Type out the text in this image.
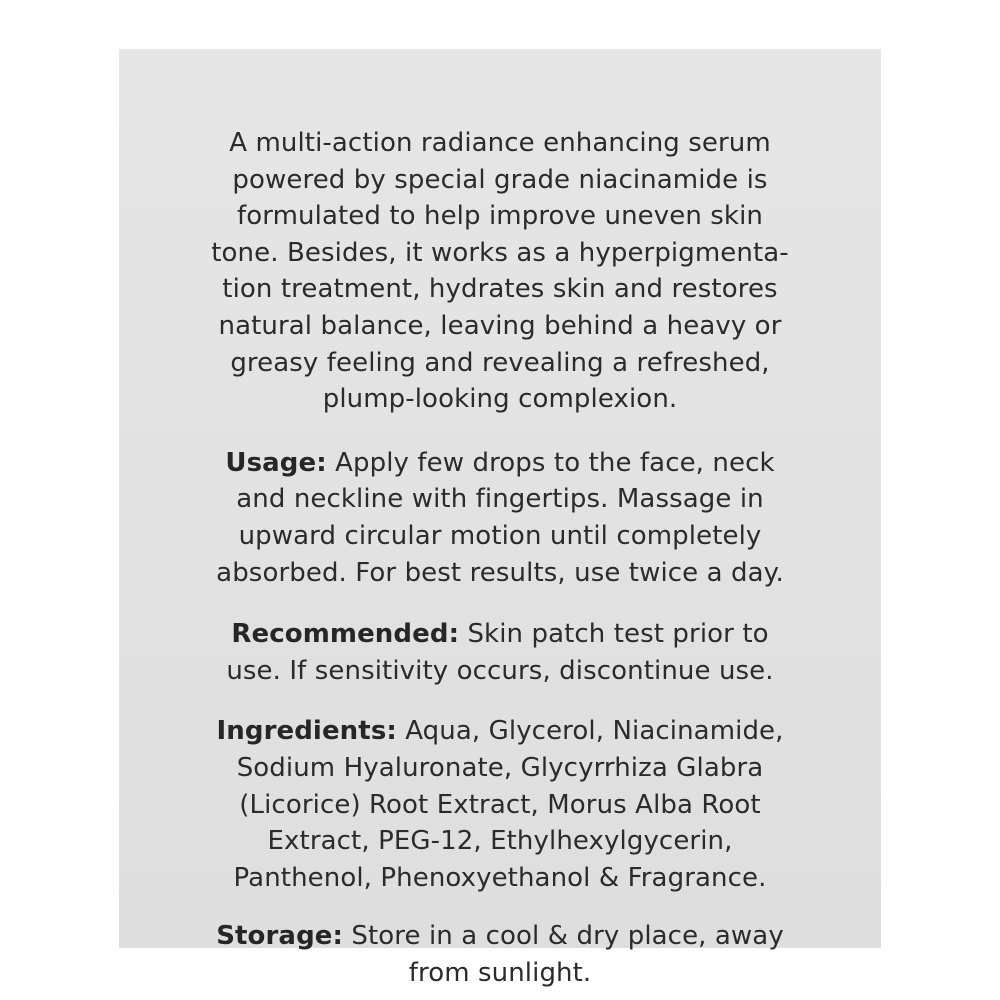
A multi-action radiance enhancing serum
powered by special grade niacinamide is
formulated to help improve uneven skin
tone. Besides, it works as a hyperpigmenta-
tion treatment, hydrates skin and restores
natural balance, leaving behind a heavy or
greasy feeling and revealing a refreshed,
plump-looking complexion.

Usage: Apply few drops to the face, neck
and neckline with fingertips. Massage in
upward circular motion until completely
absorbed. For best results, use twice a day.

Recommended: Skin patch test prior to
use. If sensitivity occurs, discontinue use.

Ingredients: Aqua, Glycerol, Niacinamide,
Sodium Hyaluronate, Glycyrrhiza Glabra
(Licorice) Root Extract, Morus Alba Root
Extract, PEG-12, Ethylhexylgycerin,
Panthenol, Phenoxyethanol & Fragrance.

Storage: Store in a cool & dry place, away
from sunlight.
